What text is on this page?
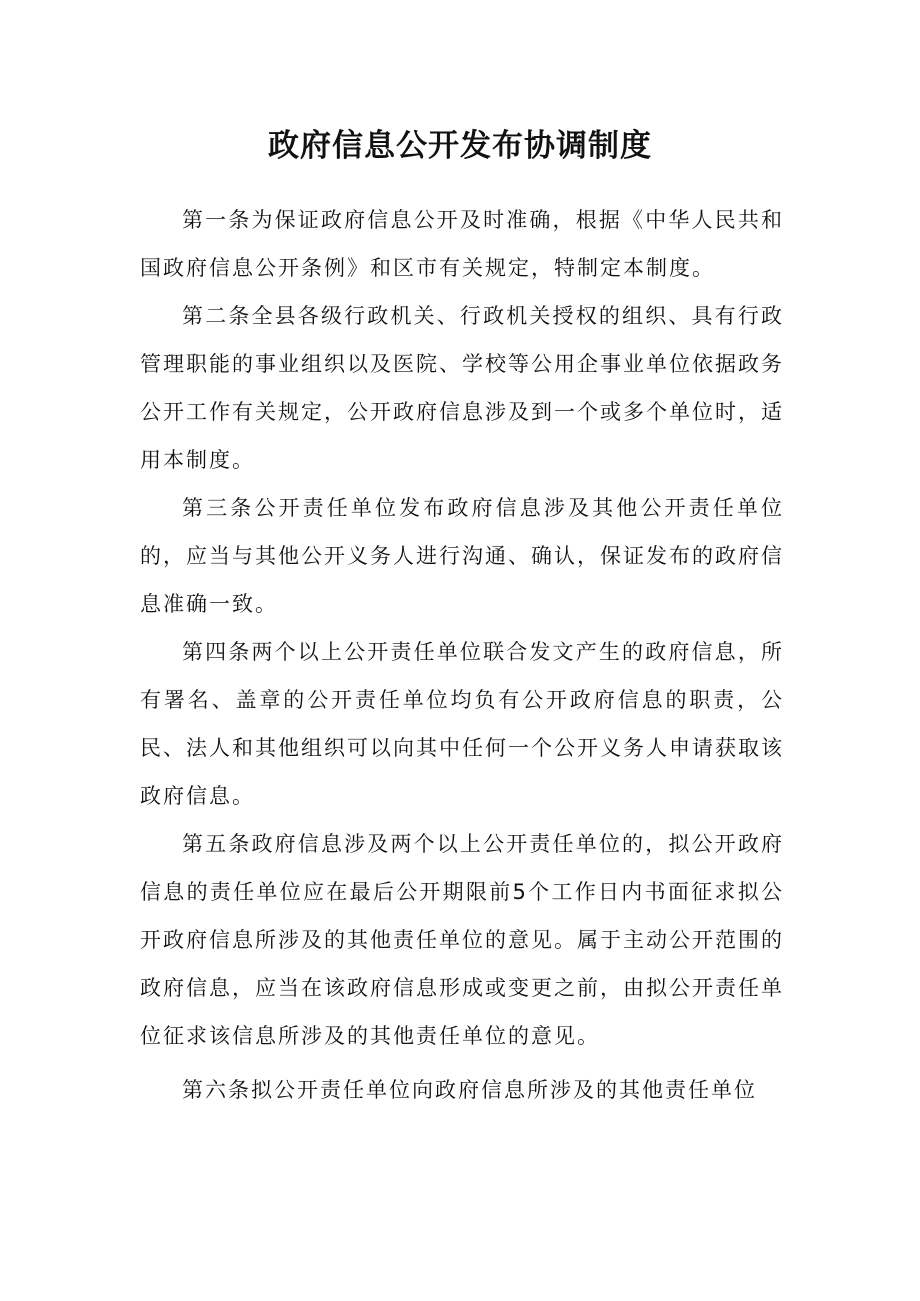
政府信息公开发布协调制度

第一条为保证政府信息公开及时准确，根据《中华人民共和国政府信息公开条例》和区市有关规定，特制定本制度。

第二条全县各级行政机关、行政机关授权的组织、具有行政管理职能的事业组织以及医院、学校等公用企事业单位依据政务公开工作有关规定，公开政府信息涉及到一个或多个单位时，适用本制度。

第三条公开责任单位发布政府信息涉及其他公开责任单位的，应当与其他公开义务人进行沟通、确认，保证发布的政府信息准确一致。

第四条两个以上公开责任单位联合发文产生的政府信息，所有署名、盖章的公开责任单位均负有公开政府信息的职责，公民、法人和其他组织可以向其中任何一个公开义务人申请获取该政府信息。

第五条政府信息涉及两个以上公开责任单位的，拟公开政府信息的责任单位应在最后公开期限前5个工作日内书面征求拟公开政府信息所涉及的其他责任单位的意见。属于主动公开范围的政府信息，应当在该政府信息形成或变更之前，由拟公开责任单位征求该信息所涉及的其他责任单位的意见。

第六条拟公开责任单位向政府信息所涉及的其他责任单位
